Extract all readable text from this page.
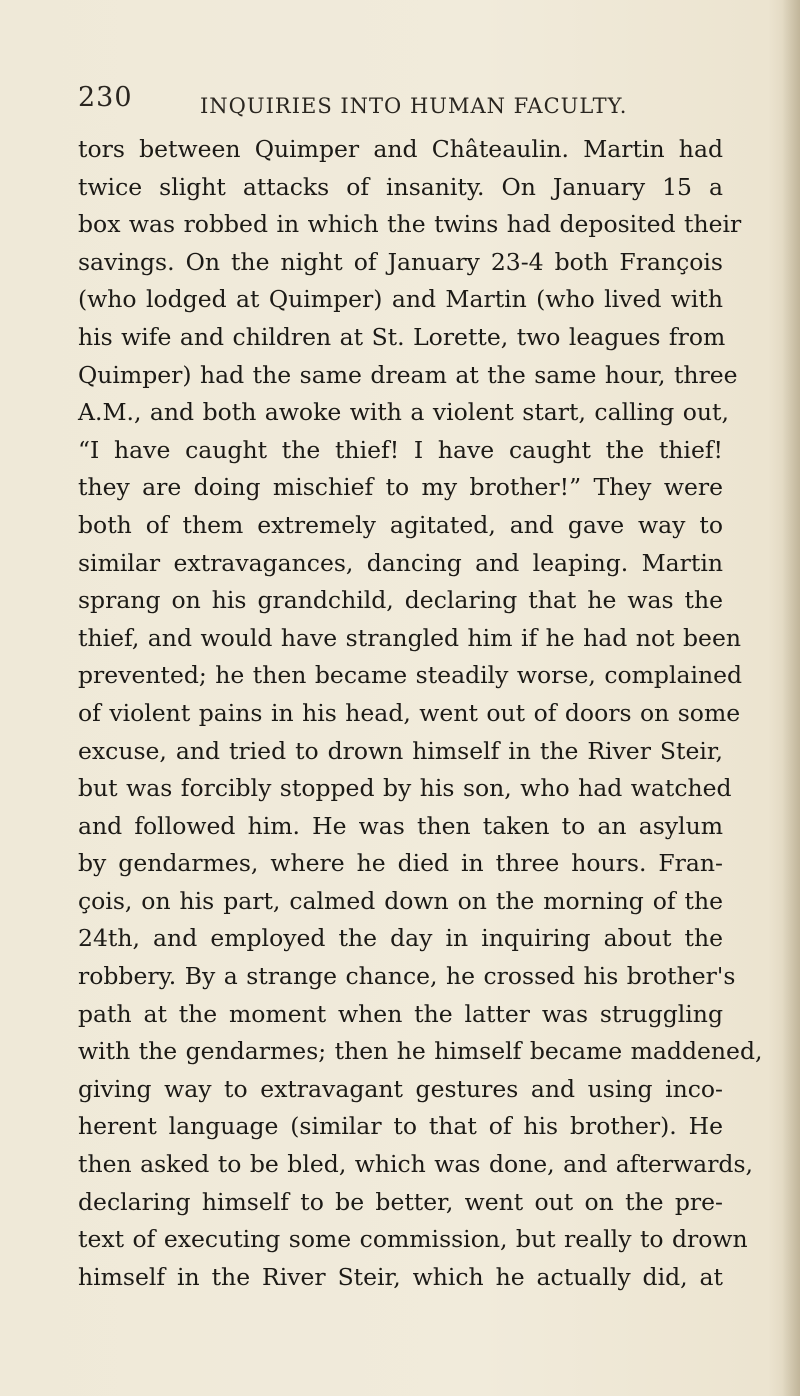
230	INQUIRIES INTO HUMAN FACULTY.
tors between Quimper and Châteaulin. Martin had
twice slight attacks of insanity. On January 15 a
box was robbed in which the twins had deposited their
savings. On the night of January 23-4 both François
(who lodged at Quimper) and Martin (who lived with
his wife and children at St. Lorette, two leagues from
Quimper) had the same dream at the same hour, three
A.M., and both awoke with a violent start, calling out,
“I have caught the thief! I have caught the thief!
they are doing mischief to my brother!” They were
both of them extremely agitated, and gave way to
similar extravagances, dancing and leaping. Martin
sprang on his grandchild, declaring that he was the
thief, and would have strangled him if he had not been
prevented; he then became steadily worse, complained
of violent pains in his head, went out of doors on some
excuse, and tried to drown himself in the River Steir,
but was forcibly stopped by his son, who had watched
and followed him. He was then taken to an asylum
by gendarmes, where he died in three hours. Fran-
çois, on his part, calmed down on the morning of the
24th, and employed the day in inquiring about the
robbery. By a strange chance, he crossed his brother's
path at the moment when the latter was struggling
with the gendarmes; then he himself became maddened,
giving way to extravagant gestures and using inco-
herent language (similar to that of his brother). He
then asked to be bled, which was done, and afterwards,
declaring himself to be better, went out on the pre-
text of executing some commission, but really to drown
himself in the River Steir, which he actually did, at
